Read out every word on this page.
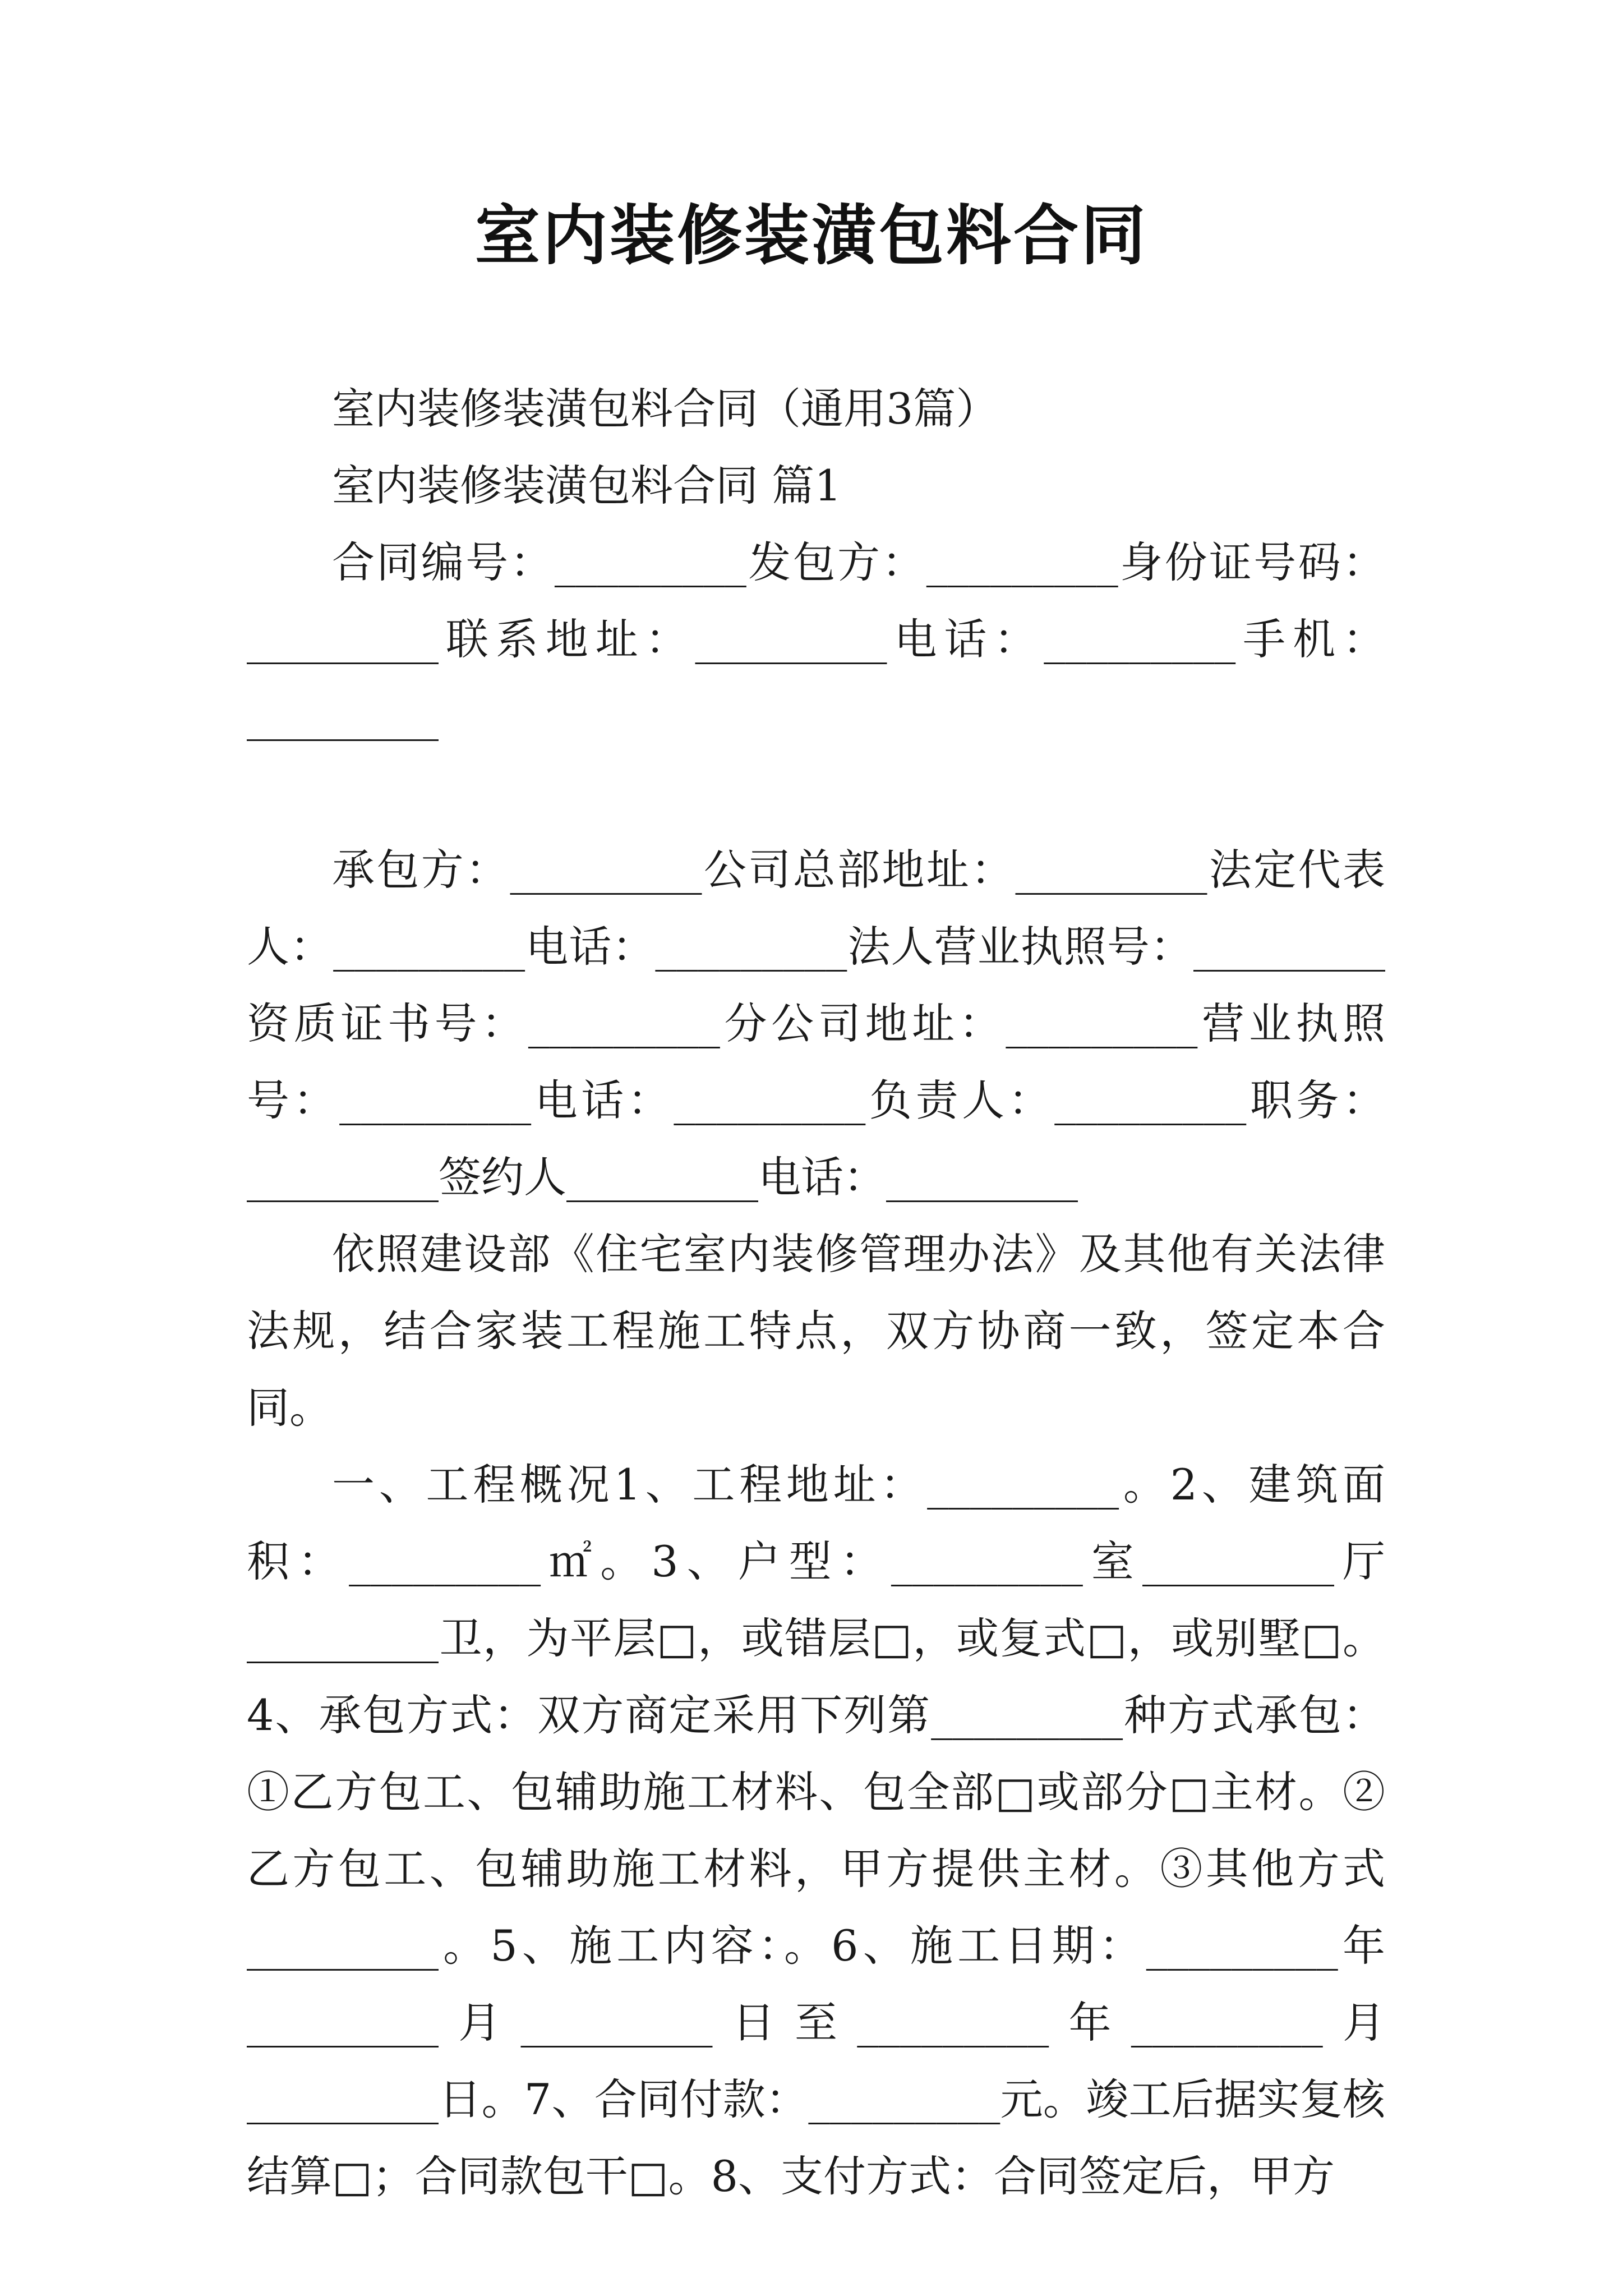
室内装修装潢包料合同

室内装修装潢包料合同（通用3篇）

室内装修装潢包料合同 篇1

合同编号：_________发包方：_________身份证号码：_________联系地址：_________电话：_________手机：_________

承包方：_________公司总部地址：_________法定代表人：_________电话：_________法人营业执照号：_________资质证书号：_________分公司地址：_________营业执照号：_________电话：_________负责人：_________职务：_________签约人_________电话：_________

依照建设部《住宅室内装修管理办法》及其他有关法律法规，结合家装工程施工特点，双方协商一致，签定本合同。

一、工程概况1、工程地址：_________。2、建筑面积：_________㎡。3、户型：_________室_________厅_________卫，为平层□，或错层□，或复式□，或别墅□。4、承包方式：双方商定采用下列第_________种方式承包：①乙方包工、包辅助施工材料、包全部□或部分□主材。②乙方包工、包辅助施工材料，甲方提供主材。③其他方式_________。5、施工内容：。6、施工日期：_________年_________月_________日至_________年_________月_________日。7、合同付款：_________元。竣工后据实复核结算□；合同款包干□。8、支付方式：合同签定后，甲方
